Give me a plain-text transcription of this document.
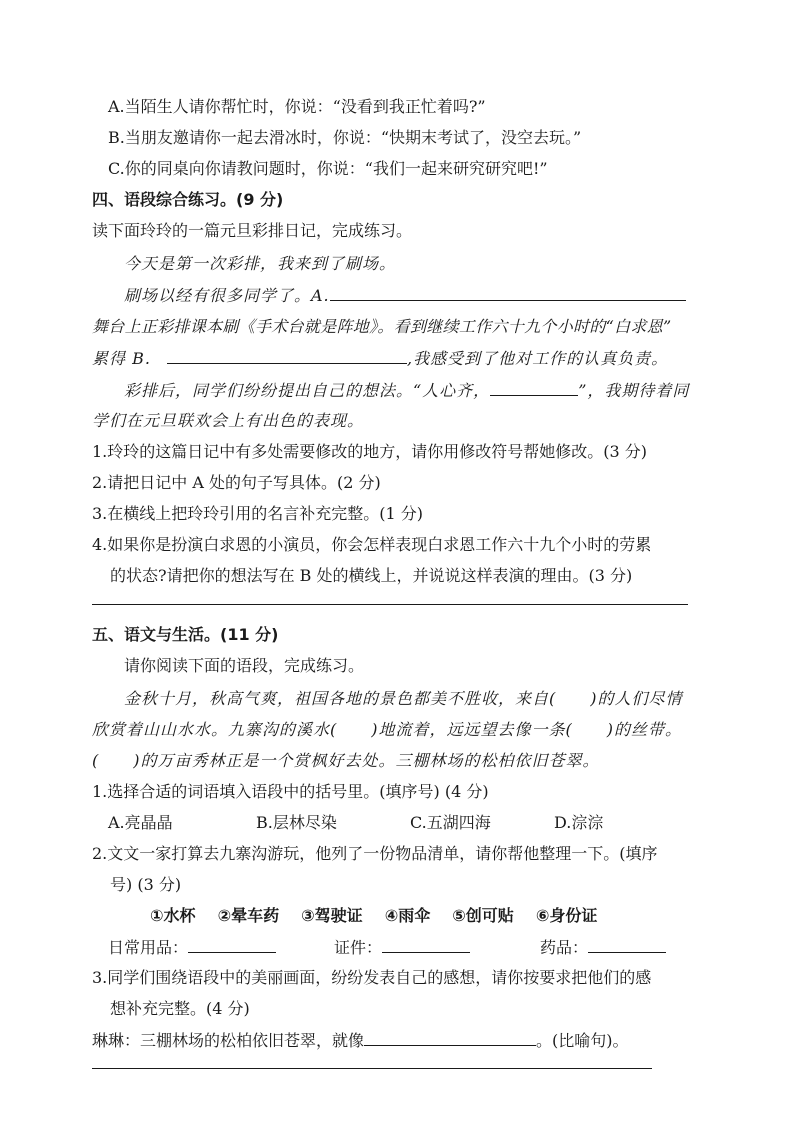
A.当陌生人请你帮忙时，你说：“没看到我正忙着吗?”
B.当朋友邀请你一起去滑冰时，你说：“快期末考试了，没空去玩。”
C.你的同桌向你请教问题时，你说：“我们一起来研究研究吧!”
四、语段综合练习。(9 分)
读下面玲玲的一篇元旦彩排日记，完成练习。
今天是第一次彩排，我来到了刷场。
刷场以经有很多同学了。A.
舞台上正彩排课本刷《手术台就是阵地》。看到继续工作六十九个小时的“白求恩”
累得 B.	,我感受到了他对工作的认真负责。
彩排后，同学们纷纷提出自己的想法。“人心齐，	”，我期待着同
学们在元旦联欢会上有出色的表现。
1.玲玲的这篇日记中有多处需要修改的地方，请你用修改符号帮她修改。(3 分)
2.请把日记中 A 处的句子写具体。(2 分)
3.在横线上把玲玲引用的名言补充完整。(1 分)
4.如果你是扮演白求恩的小演员，你会怎样表现白求恩工作六十九个小时的劳累
的状态?请把你的想法写在 B 处的横线上，并说说这样表演的理由。(3 分)
五、语文与生活。(11 分)
请你阅读下面的语段，完成练习。
金秋十月，秋高气爽，祖国各地的景色都美不胜收，来自( )的人们尽情
欣赏着山山水水。九寨沟的溪水( )地流着，远远望去像一条( )的丝带。
( )的万亩秀林正是一个赏枫好去处。三棚林场的松柏依旧苍翠。
1.选择合适的词语填入语段中的括号里。(填序号) (4 分)
A.亮晶晶	B.层林尽染	C.五湖四海	D.淙淙
2.文文一家打算去九寨沟游玩，他列了一份物品清单，请你帮他整理一下。(填序
号) (3 分)
①水杯 ②晕车药 ③驾驶证 ④雨伞 ⑤创可贴 ⑥身份证
日常用品：	证件：	药品：
3.同学们围绕语段中的美丽画面，纷纷发表自己的感想，请你按要求把他们的感
想补充完整。(4 分)
琳琳：三棚林场的松柏依旧苍翠，就像	。(比喻句)。
